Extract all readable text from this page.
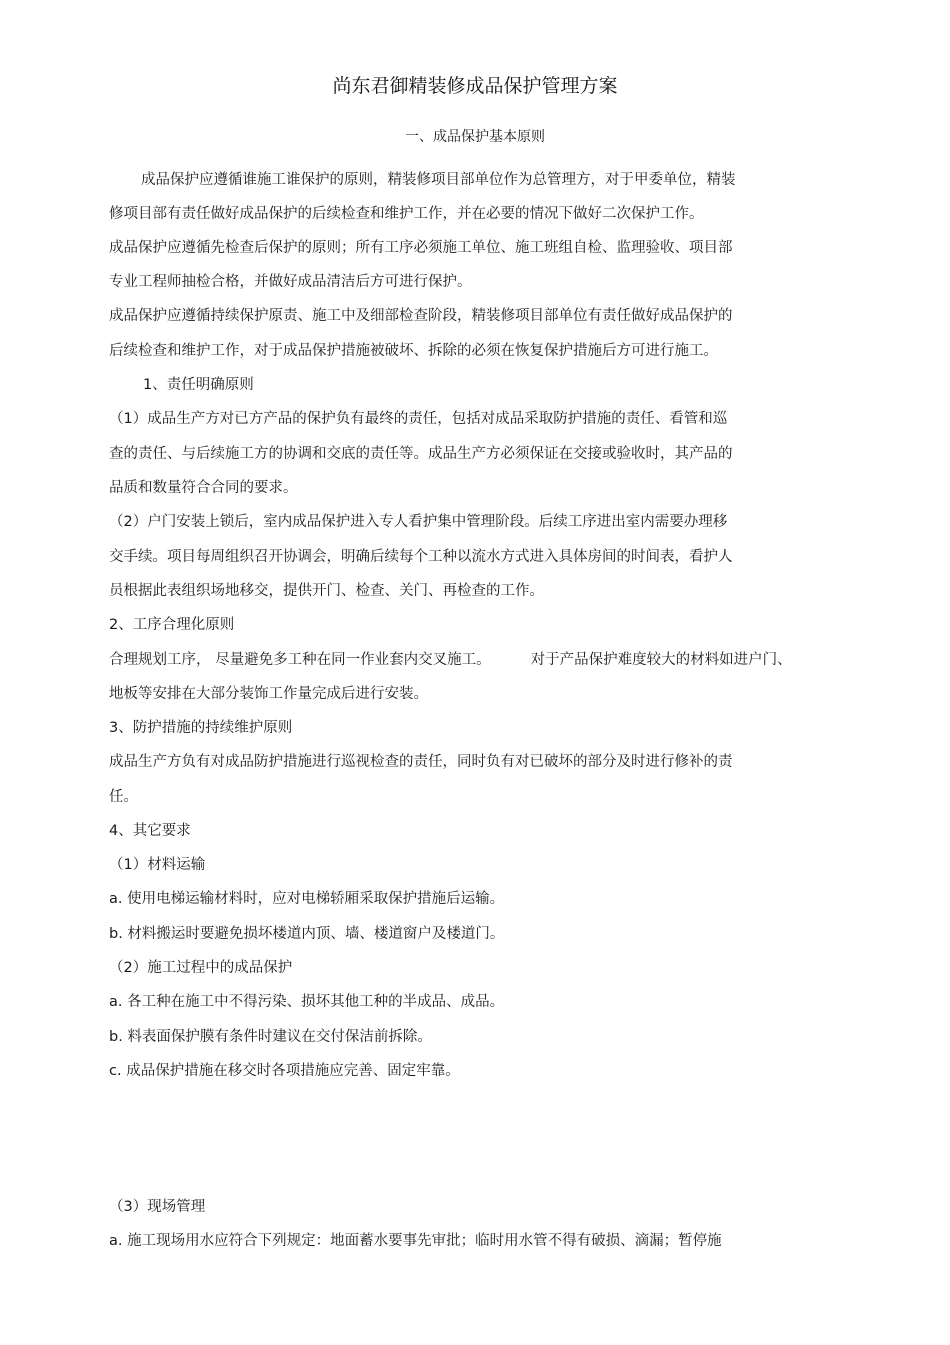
尚东君御精装修成品保护管理方案
一、成品保护基本原则
成品保护应遵循谁施工谁保护的原则，精装修项目部单位作为总管理方，对于甲委单位，精装
修项目部有责任做好成品保护的后续检查和维护工作，并在必要的情况下做好二次保护工作。
成品保护应遵循先检查后保护的原则；所有工序必须施工单位、施工班组自检、监理验收、项目部
专业工程师抽检合格，并做好成品清洁后方可进行保护。
成品保护应遵循持续保护原责、施工中及细部检查阶段，精装修项目部单位有责任做好成品保护的
后续检查和维护工作，对于成品保护措施被破坏、拆除的必须在恢复保护措施后方可进行施工。
1、责任明确原则
（1）成品生产方对已方产品的保护负有最终的责任，包括对成品采取防护措施的责任、看管和巡
查的责任、与后续施工方的协调和交底的责任等。成品生产方必须保证在交接或验收时，其产品的
品质和数量符合合同的要求。
（2）户门安装上锁后，室内成品保护进入专人看护集中管理阶段。后续工序进出室内需要办理移
交手续。项目每周组织召开协调会，明确后续每个工种以流水方式进入具体房间的时间表，看护人
员根据此表组织场地移交，提供开门、检查、关门、再检查的工作。
2、工序合理化原则
合理规划工序， 尽量避免多工种在同一作业套内交叉施工。	对于产品保护难度较大的材料如进户门、
地板等安排在大部分装饰工作量完成后进行安装。
3、防护措施的持续维护原则
成品生产方负有对成品防护措施进行巡视检查的责任，同时负有对已破坏的部分及时进行修补的责
任。
4、其它要求
（1）材料运输
a. 使用电梯运输材料时，应对电梯轿厢采取保护措施后运输。
b. 材料搬运时要避免损坏楼道内顶、墙、楼道窗户及楼道门。
（2）施工过程中的成品保护
a. 各工种在施工中不得污染、损坏其他工种的半成品、成品。
b. 料表面保护膜有条件时建议在交付保洁前拆除。
c. 成品保护措施在移交时各项措施应完善、固定牢靠。
（3）现场管理
a. 施工现场用水应符合下列规定：地面蓄水要事先审批；临时用水管不得有破损、滴漏；暂停施
